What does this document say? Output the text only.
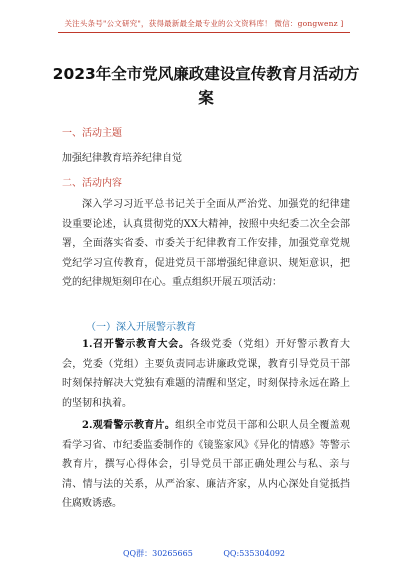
关注头条号"公文研究"，获得最新最全最专业的公文资料库！ 微信：gongwenz ]
2023年全市党风廉政建设宣传教育月活动方案
一、活动主题
加强纪律教育培养纪律自觉
二、活动内容

深入学习习近平总书记关于全面从严治党、加强党的纪律建设重要论述，认真贯彻党的XX大精神，按照中央纪委二次全会部署，全面落实省委、市委关于纪律教育工作安排，加强党章党规党纪学习宣传教育，促进党员干部增强纪律意识、规矩意识，把党的纪律规矩刻印在心。重点组织开展五项活动：

（一）深入开展警示教育

1.召开警示教育大会。各级党委（党组）开好警示教育大会，党委（党组）主要负责同志讲廉政党课，教育引导党员干部时刻保持解决大党独有难题的清醒和坚定，时刻保持永远在路上的坚韧和执着。

2.观看警示教育片。组织全市党员干部和公职人员全覆盖观看学习省、市纪委监委制作的《镜鉴家风》《异化的情感》等警示教育片，撰写心得体会，引导党员干部正确处理公与私、亲与清、情与法的关系，从严治家、廉洁齐家，从内心深处自觉抵挡住腐败诱惑。

QQ群：30265665	QQ:535304092
